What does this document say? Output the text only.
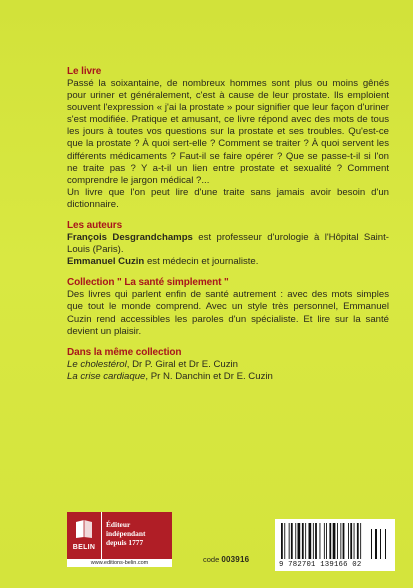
Le livre

Passé la soixantaine, de nombreux hommes sont plus ou moins gênés pour uriner et généralement, c'est à cause de leur prostate. Ils emploient souvent l'expression « j'ai la prostate » pour signifier que leur façon d'uriner s'est modifiée. Pratique et amusant, ce livre répond avec des mots de tous les jours à toutes vos questions sur la prostate et ses troubles. Qu'est-ce que la prostate ? À quoi sert-elle ? Comment se traiter ? À quoi servent les différents médicaments ? Faut-il se faire opérer ? Que se passe-t-il si l'on ne traite pas ? Y a-t-il un lien entre prostate et sexualité ? Comment comprendre le jargon médical ?...

Un livre que l'on peut lire d'une traite sans jamais avoir besoin d'un dictionnaire.

Les auteurs

François Desgrandchamps est professeur d'urologie à l'Hôpital Saint-Louis (Paris).

Emmanuel Cuzin est médecin et journaliste.

Collection " La santé simplement "

Des livres qui parlent enfin de santé autrement : avec des mots simples que tout le monde comprend. Avec un style très personnel, Emmanuel Cuzin rend accessibles les paroles d'un spécialiste. Et lire sur la santé devient un plaisir.

Dans la même collection

Le cholestérol, Dr P. Giral et Dr E. Cuzin

La crise cardiaque, Pr N. Danchin et Dr E. Cuzin

BELIN
Éditeur
indépendant
depuis 1777
www.editions-belin.com	code 003916
9 782701 139166 02
